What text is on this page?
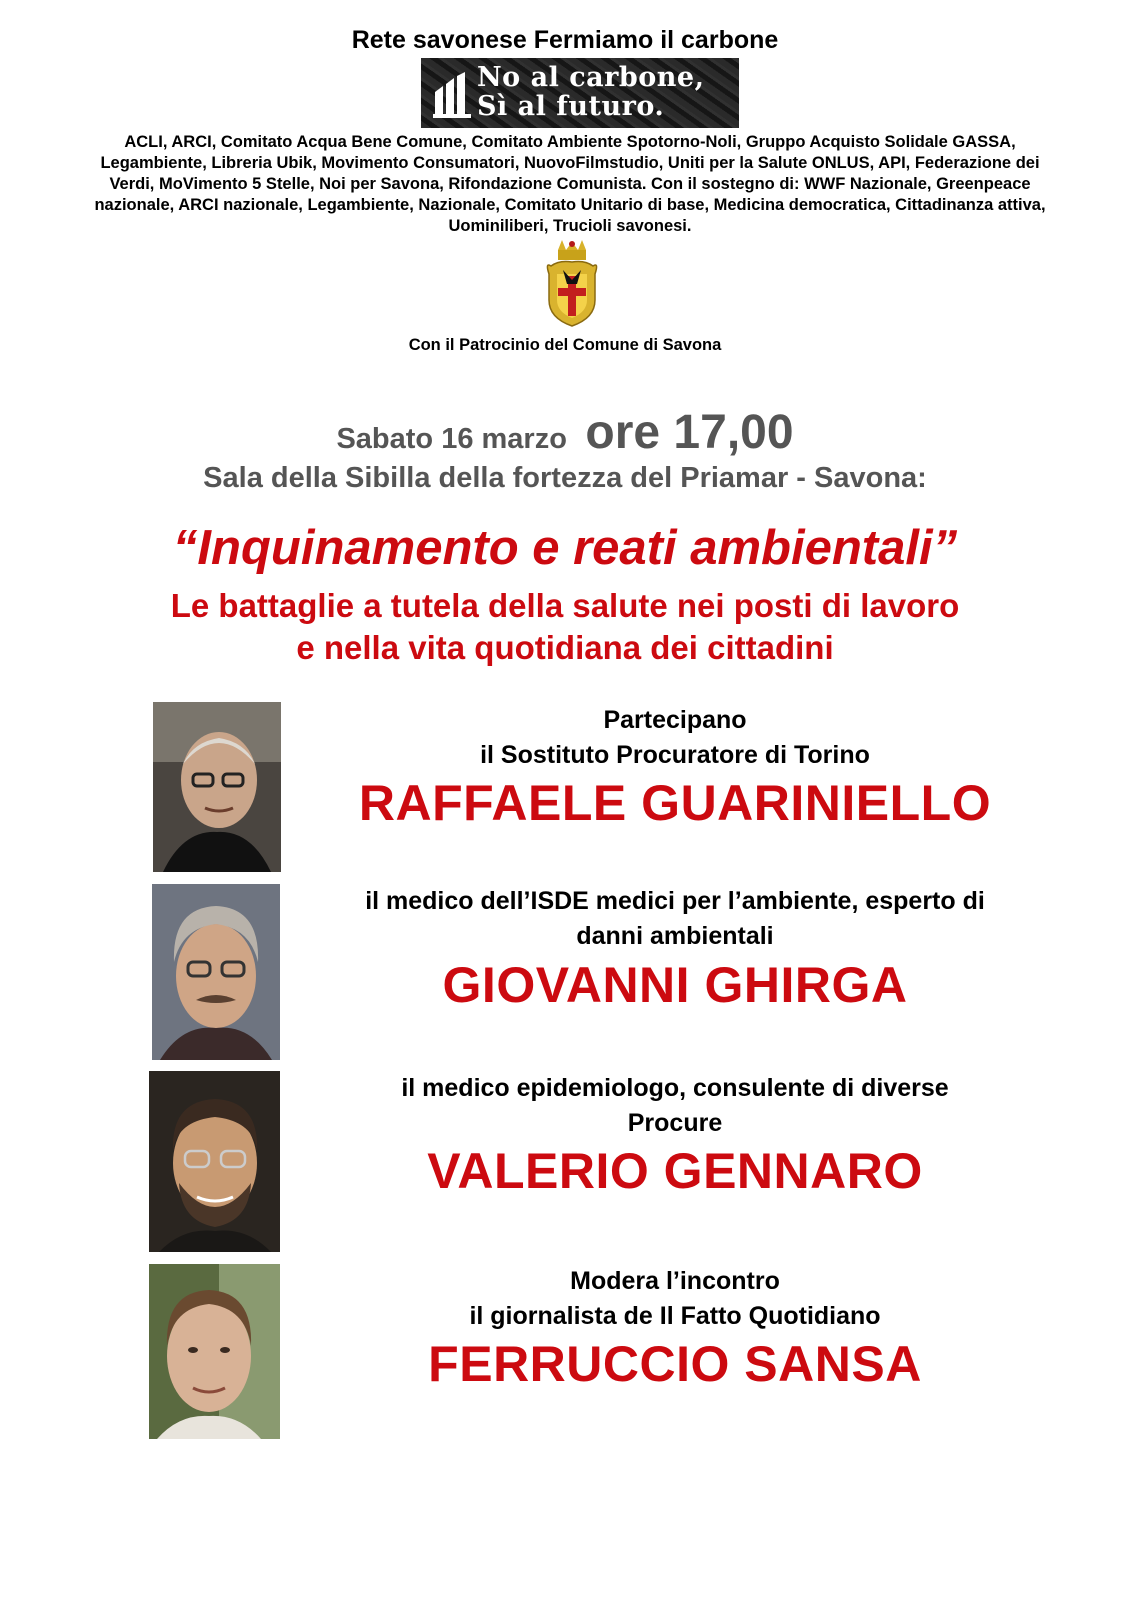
Rete savonese Fermiamo il carbone
No al carbone,
Sì al futuro.
ACLI, ARCI, Comitato Acqua Bene Comune, Comitato Ambiente Spotorno-Noli, Gruppo Acquisto Solidale GASSA, Legambiente, Libreria Ubik, Movimento Consumatori, NuovoFilmstudio, Uniti per la Salute ONLUS, API, Federazione dei Verdi, MoVimento 5 Stelle, Noi per Savona, Rifondazione Comunista. Con il sostegno di: WWF Nazionale, Greenpeace nazionale, ARCI nazionale, Legambiente, Nazionale, Comitato Unitario di base, Medicina democratica, Cittadinanza attiva, Uominiliberi, Trucioli savonesi.
Con il Patrocinio del Comune di Savona
Sabato 16 marzo ore 17,00
Sala della Sibilla della fortezza del Priamar - Savona:
“Inquinamento e reati ambientali”
Le battaglie a tutela della salute nei posti di lavoro
e nella vita quotidiana dei cittadini
Partecipano
il Sostituto Procuratore di Torino
RAFFAELE GUARINIELLO
il medico dell’ISDE medici per l’ambiente, esperto di
danni ambientali
GIOVANNI GHIRGA
il medico epidemiologo, consulente di diverse
Procure
VALERIO GENNARO
Modera l’incontro
il giornalista de Il Fatto Quotidiano
FERRUCCIO SANSA
